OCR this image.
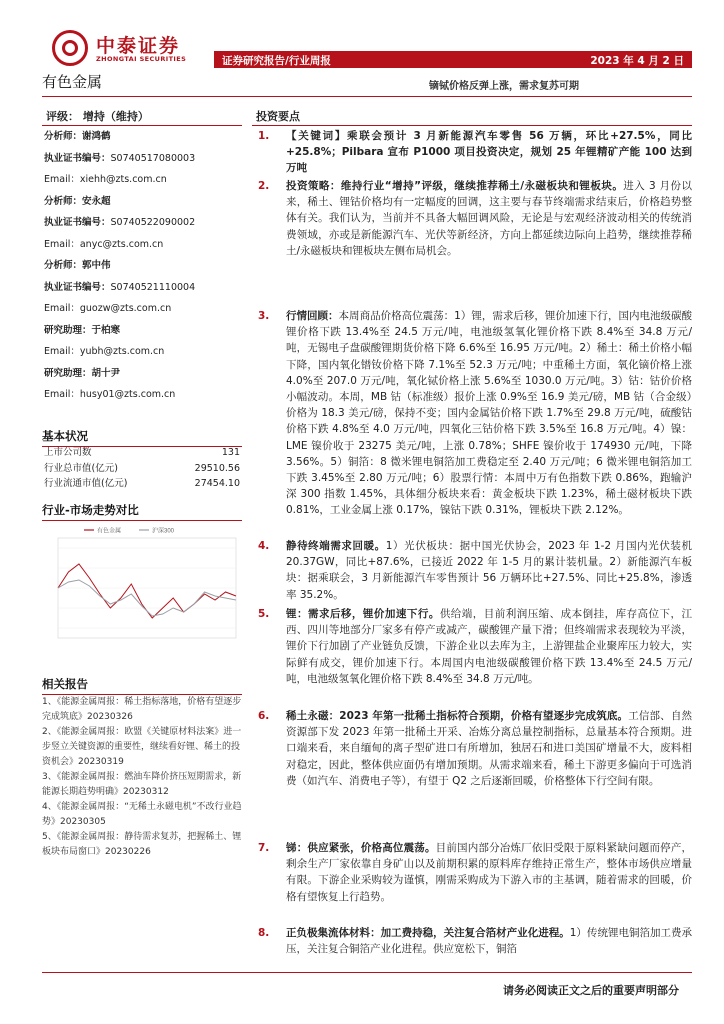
中泰证券
ZHONGTAI SECURITIES	证券研究报告/行业周报	2023 年 4 月 2 日
有色金属	镝铽价格反弹上涨，需求复苏可期
评级： 增持（维持）
分析师：谢鸿鹤
执业证书编号：S0740517080003
Email：xiehh@zts.com.cn
分析师：安永超
执业证书编号：S0740522090002
Email：anyc@zts.com.cn
分析师：郭中伟
执业证书编号：S0740521110004
Email：guozw@zts.com.cn
研究助理：于柏寒
Email：yubh@zts.com.cn
研究助理：胡十尹
Email：husy01@zts.com.cn
基本状况
上市公司数	131
行业总市值(亿元)	29510.56
行业流通市值(亿元)	27454.10
行业-市场走势对比
有色金属	沪深300
相关报告
1、《能源金属周报：稀土指标落地，价格有望逐步完成筑底》20230326
2、《能源金属周报：欧盟《关键原材料法案》进一步竖立关键资源的重要性，继续看好锂、稀土的投资机会》20230319
3、《能源金属周报：燃油车降价挤压短期需求，新能源长期趋势明确》20230312
4、《能源金属周报：“无稀土永磁电机”不改行业趋势》20230305
5、《能源金属周报：静待需求复苏，把握稀土、锂板块布局窗口》20230226
投资要点
1. 【关键词】乘联会预计 3 月新能源汽车零售 56 万辆，环比+27.5%，同比+25.8%；Pilbara 宣布 P1000 项目投资决定，规划 25 年锂精矿产能 100 达到万吨
2. 投资策略：维持行业“增持”评级，继续推荐稀土/永磁板块和锂板块。进入 3 月份以来，稀土、锂钴价格均有一定幅度的回调，这主要与春节终端需求结束后，价格趋势整体有关。我们认为，当前并不具备大幅回调风险，无论是与宏观经济波动相关的传统消费领域，亦或是新能源汽车、光伏等新经济，方向上都延续边际向上趋势，继续推荐稀土/永磁板块和锂板块左侧布局机会。
3. 行情回顾：本周商品价格高位震荡：1）锂，需求后移，锂价加速下行，国内电池级碳酸锂价格下跌 13.4%至 24.5 万元/吨，电池级氢氧化锂价格下跌 8.4%至 34.8 万元/吨，无锡电子盘碳酸锂期货价格下降 6.6%至 16.95 万元/吨。2）稀土：稀土价格小幅下降，国内氧化镨钕价格下降 7.1%至 52.3 万元/吨；中重稀土方面，氧化镝价格上涨 4.0%至 207.0 万元/吨，氧化铽价格上涨 5.6%至 1030.0 万元/吨。3）钴：钴价价格小幅波动。本周，MB 钴（标准级）报价上涨 0.9%至 16.9 美元/磅，MB 钴（合金级）价格为 18.3 美元/磅，保持不变；国内金属钴价格下跌 1.7%至 29.8 万元/吨，硫酸钴价格下跌 4.8%至 4.0 万元/吨，四氧化三钴价格下跌 3.5%至 16.8 万元/吨。4）镍：LME 镍价收于 23275 美元/吨，上涨 0.78%；SHFE 镍价收于 174930 元/吨，下降 3.56%。5）铜箔：8 微米锂电铜箔加工费稳定至 2.40 万元/吨；6 微米锂电铜箔加工下跌 3.45%至 2.80 万元/吨；6）股票行情：本周中万有色指数下跌 0.86%，跑输沪深 300 指数 1.45%，具体细分板块来看：黄金板块下跌 1.23%，稀土磁材板块下跌 0.81%，工业金属上涨 0.17%，镍钴下跌 0.31%，锂板块下跌 2.12%。
4. 静待终端需求回暖。1）光伏板块：据中国光伏协会，2023 年 1-2 月国内光伏装机 20.37GW，同比+87.6%，已接近 2022 年 1-5 月的累计装机量。2）新能源汽车板块：据乘联会，3 月新能源汽车零售预计 56 万辆环比+27.5%、同比+25.8%，渗透率 35.2%。
5. 锂：需求后移，锂价加速下行。供给端，目前利润压缩、成本倒挂，库存高位下，江西、四川等地部分厂家多有停产或减产，碳酸锂产量下滑；但终端需求表现较为平淡，锂价下行加剧了产业链负反馈，下游企业以去库为主，上游锂盐企业聚库压力较大，实际鲜有成交，锂价加速下行。本周国内电池级碳酸锂价格下跌 13.4%至 24.5 万元/吨，电池级氢氧化锂价格下跌 8.4%至 34.8 万元/吨。
6. 稀土永磁：2023 年第一批稀土指标符合预期，价格有望逐步完成筑底。工信部、自然资源部下发 2023 年第一批稀土开采、冶炼分离总量控制指标，总量基本符合预期。进口端来看，来自缅甸的离子型矿进口有所增加，独居石和进口美国矿增量不大，废料相对稳定，因此，整体供应面仍有增加预期。从需求端来看，稀土下游更多偏向于可选消费（如汽车、消费电子等），有望于 Q2 之后逐渐回暖，价格整体下行空间有限。
7. 锑：供应紧张，价格高位震荡。目前国内部分冶炼厂依旧受限于原料紧缺问题而停产，剩余生产厂家依靠自身矿山以及前期积累的原料库存维持正常生产，整体市场供应增量有限。下游企业采购较为谨慎，刚需采购成为下游入市的主基调，随着需求的回暖，价格有望恢复上行趋势。
8. 正负极集流体材料：加工费持稳，关注复合箔材产业化进程。1）传统锂电铜箔加工费承压，关注复合铜箔产业化进程。供应宽松下，铜箔
请务必阅读正文之后的重要声明部分
